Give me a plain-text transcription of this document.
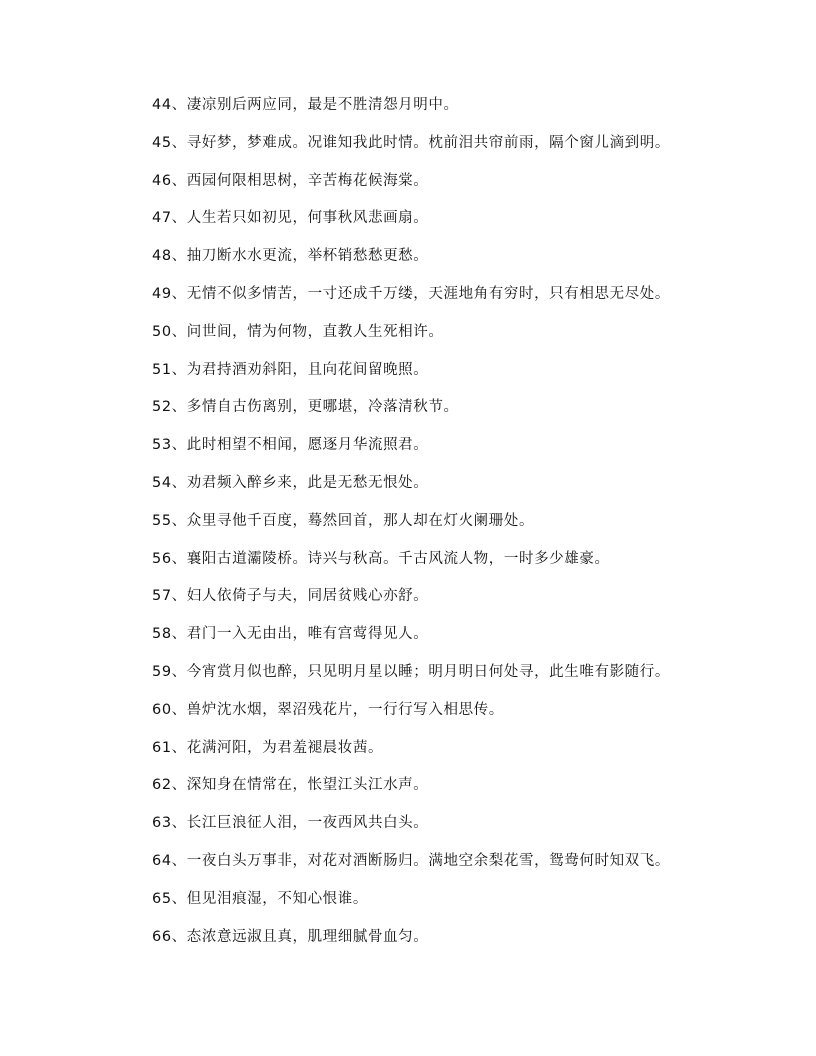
44、凄凉别后两应同，最是不胜清怨月明中。
45、寻好梦，梦难成。况谁知我此时情。枕前泪共帘前雨，隔个窗儿滴到明。
46、西园何限相思树，辛苦梅花候海棠。
47、人生若只如初见，何事秋风悲画扇。
48、抽刀断水水更流，举杯销愁愁更愁。
49、无情不似多情苦，一寸还成千万缕，天涯地角有穷时，只有相思无尽处。
50、问世间，情为何物，直教人生死相许。
51、为君持酒劝斜阳，且向花间留晚照。
52、多情自古伤离别，更哪堪，冷落清秋节。
53、此时相望不相闻，愿逐月华流照君。
54、劝君频入醉乡来，此是无愁无恨处。
55、众里寻他千百度，蓦然回首，那人却在灯火阑珊处。
56、襄阳古道灞陵桥。诗兴与秋高。千古风流人物，一时多少雄豪。
57、妇人依倚子与夫，同居贫贱心亦舒。
58、君门一入无由出，唯有宫莺得见人。
59、今宵赏月似也醉，只见明月星以睡；明月明日何处寻，此生唯有影随行。
60、兽炉沈水烟，翠沼残花片，一行行写入相思传。
61、花满河阳，为君羞褪晨妆茜。
62、深知身在情常在，怅望江头江水声。
63、长江巨浪征人泪，一夜西风共白头。
64、一夜白头万事非，对花对酒断肠归。满地空余梨花雪，鸳鸯何时知双飞。
65、但见泪痕湿，不知心恨谁。
66、态浓意远淑且真，肌理细腻骨血匀。
